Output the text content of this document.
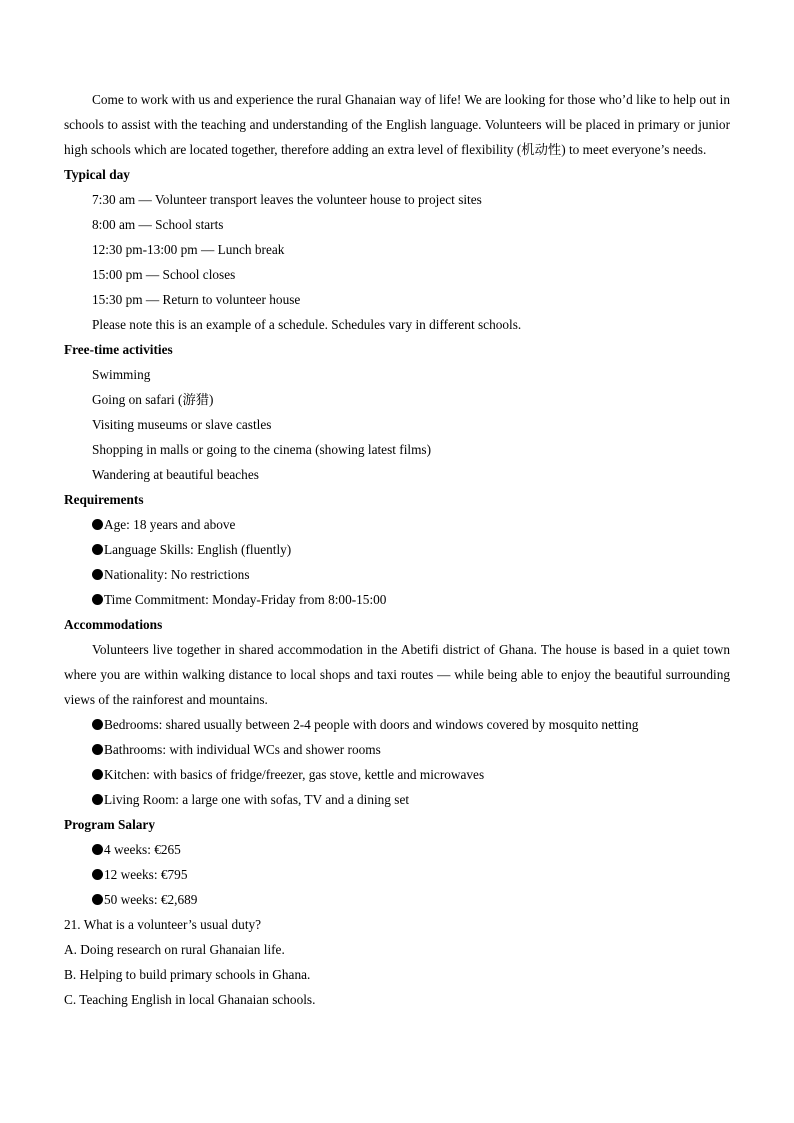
Come to work with us and experience the rural Ghanaian way of life! We are looking for those who’d like to help out in schools to assist with the teaching and understanding of the English language. Volunteers will be placed in primary or junior high schools which are located together, therefore adding an extra level of flexibility (机动性) to meet everyone’s needs.

Typical day

7:30 am — Volunteer transport leaves the volunteer house to project sites

8:00 am — School starts

12:30 pm-13:00 pm — Lunch break

15:00 pm — School closes

15:30 pm — Return to volunteer house

Please note this is an example of a schedule. Schedules vary in different schools.

Free-time activities

Swimming

Going on safari (游猎)

Visiting museums or slave castles

Shopping in malls or going to the cinema (showing latest films)

Wandering at beautiful beaches

Requirements

Age: 18 years and above

Language Skills: English (fluently)

Nationality: No restrictions

Time Commitment: Monday-Friday from 8:00-15:00

Accommodations

Volunteers live together in shared accommodation in the Abetifi district of Ghana. The house is based in a quiet town where you are within walking distance to local shops and taxi routes — while being able to enjoy the beautiful surrounding views of the rainforest and mountains.

Bedrooms: shared usually between 2-4 people with doors and windows covered by mosquito netting

Bathrooms: with individual WCs and shower rooms

Kitchen: with basics of fridge/freezer, gas stove, kettle and microwaves

Living Room: a large one with sofas, TV and a dining set

Program Salary

4 weeks: €265

12 weeks: €795

50 weeks: €2,689

21. What is a volunteer’s usual duty?

A. Doing research on rural Ghanaian life.

B. Helping to build primary schools in Ghana.

C. Teaching English in local Ghanaian schools.
